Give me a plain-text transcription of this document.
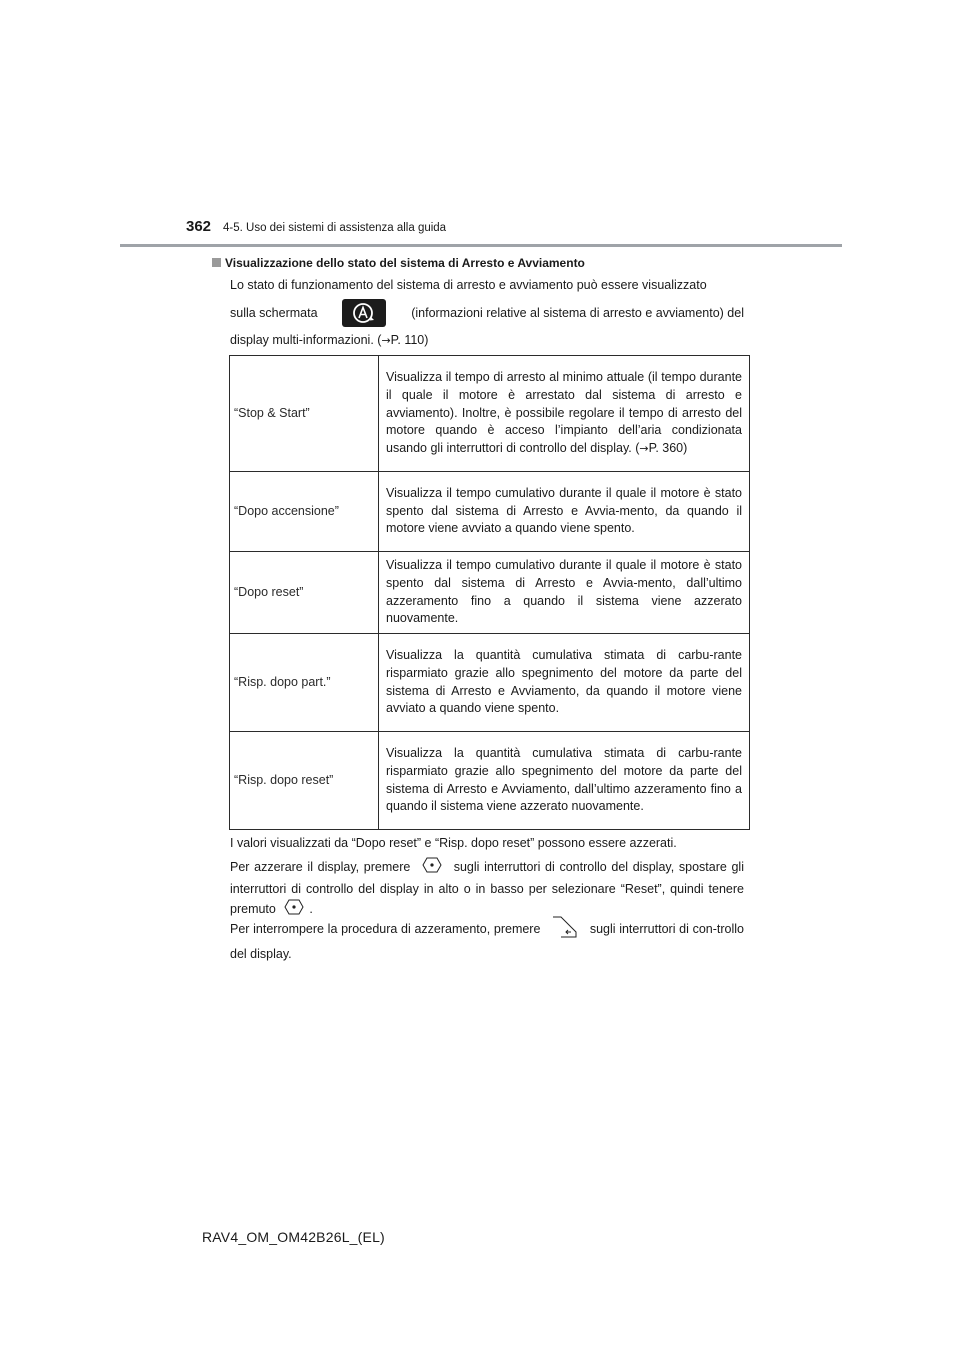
362 4-5. Uso dei sistemi di assistenza alla guida
Visualizzazione dello stato del sistema di Arresto e Avviamento
Lo stato di funzionamento del sistema di arresto e avviamento può essere visualizzato
sulla schermata	(informazioni relative al sistema di arresto e avviamento) del
display multi-informazioni. (→P. 110)
“Stop & Start”	Visualizza il tempo di arresto al minimo attuale (il tempo durante il quale il motore è arrestato dal sistema di arresto e avviamento). Inoltre, è possibile regolare il tempo di arresto del motore quando è acceso l’impianto dell’aria condizionata usando gli interruttori di controllo del display. (→P. 360)
“Dopo accensione”	Visualizza il tempo cumulativo durante il quale il motore è stato spento dal sistema di Arresto e Avvia-mento, da quando il motore viene avviato a quando viene spento.
“Dopo reset”	Visualizza il tempo cumulativo durante il quale il motore è stato spento dal sistema di Arresto e Avvia-mento, dall’ultimo azzeramento fino a quando il sistema viene azzerato nuovamente.
“Risp. dopo part.”	Visualizza la quantità cumulativa stimata di carbu-rante risparmiato grazie allo spegnimento del motore da parte del sistema di Arresto e Avviamento, da quando il motore viene avviato a quando viene spento.
“Risp. dopo reset”	Visualizza la quantità cumulativa stimata di carbu-rante risparmiato grazie allo spegnimento del motore da parte del sistema di Arresto e Avviamento, dall’ultimo azzeramento fino a quando il sistema viene azzerato nuovamente.
I valori visualizzati da “Dopo reset” e “Risp. dopo reset” possono essere azzerati.
Per azzerare il display, premere	sugli interruttori di controllo del display, spostare gli interruttori di controllo del display in alto o in basso per selezionare “Reset”, quindi tenere premuto	.
Per interrompere la procedura di azzeramento, premere	sugli interruttori di con-trollo del display.
RAV4_OM_OM42B26L_(EL)
